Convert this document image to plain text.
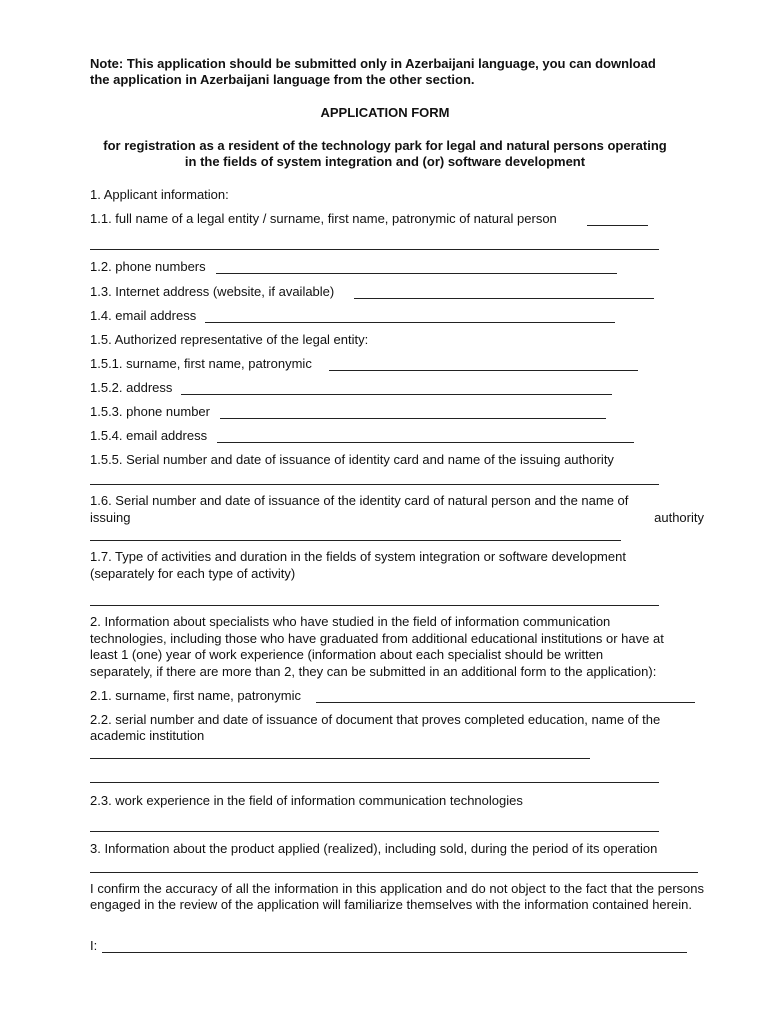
Note: This application should be submitted only in Azerbaijani language, you can download
the application in Azerbaijani language from the other section.
APPLICATION FORM
for registration as a resident of the technology park for legal and natural persons operating
in the fields of system integration and (or) software development
1. Applicant information:
1.1. full name of a legal entity / surname, first name, patronymic of natural person
1.2. phone numbers
1.3. Internet address (website, if available)
1.4. email address
1.5. Authorized representative of the legal entity:
1.5.1. surname, first name, patronymic
1.5.2. address
1.5.3. phone number
1.5.4. email address
1.5.5. Serial number and date of issuance of identity card and name of the issuing authority
1.6. Serial number and date of issuance of the identity card of natural person and the name of
issuing	authority
1.7. Type of activities and duration in the fields of system integration or software development
(separately for each type of activity)
2. Information about specialists who have studied in the field of information communication
technologies, including those who have graduated from additional educational institutions or have at
least 1 (one) year of work experience (information about each specialist should be written
separately, if there are more than 2, they can be submitted in an additional form to the application):
2.1. surname, first name, patronymic
2.2. serial number and date of issuance of document that proves completed education, name of the
academic institution
2.3. work experience in the field of information communication technologies
3. Information about the product applied (realized), including sold, during the period of its operation
I confirm the accuracy of all the information in this application and do not object to the fact that the persons engaged in the review of the application will familiarize themselves with the information contained herein.
I:
